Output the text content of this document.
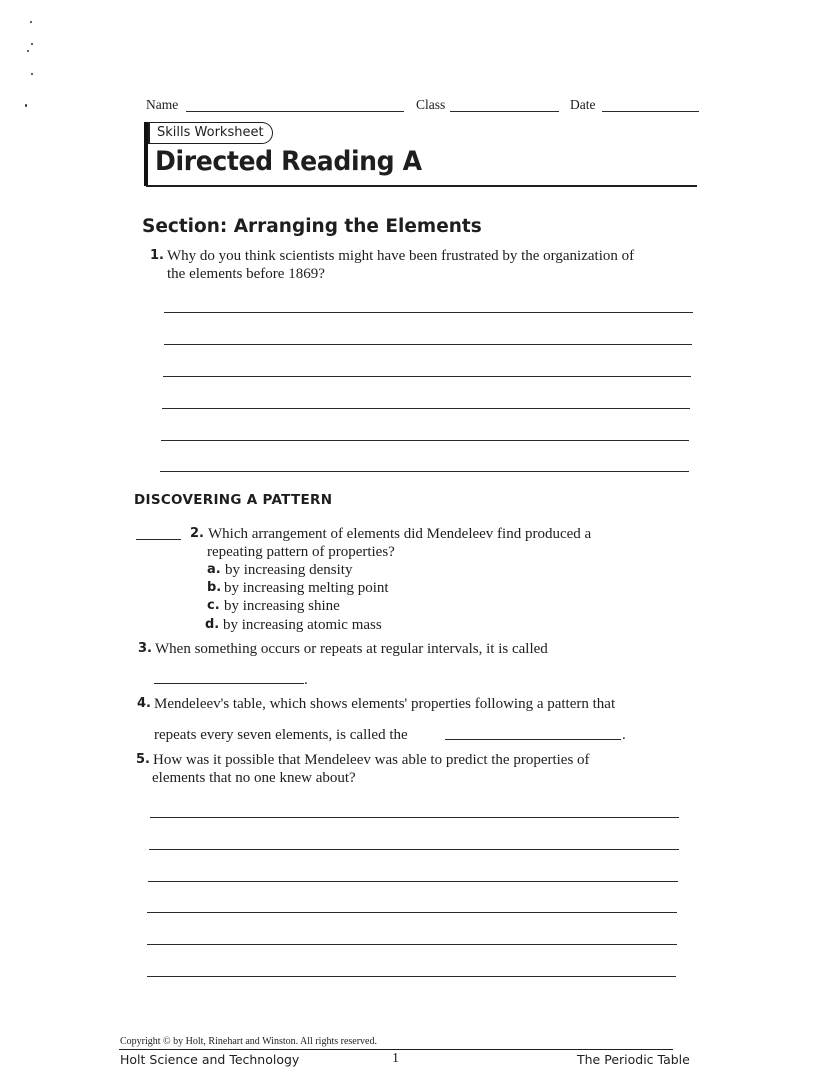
Name	Class	Date
Skills Worksheet
Directed Reading A
Section: Arranging the Elements
1. Why do you think scientists might have been frustrated by the organization of
the elements before 1869?
DISCOVERING A PATTERN
2. Which arrangement of elements did Mendeleev find produced a
repeating pattern of properties?
a. by increasing density
b. by increasing melting point
c. by increasing shine
d. by increasing atomic mass
3. When something occurs or repeats at regular intervals, it is called
.
4. Mendeleev's table, which shows elements' properties following a pattern that
repeats every seven elements, is called the	.
5. How was it possible that Mendeleev was able to predict the properties of
elements that no one knew about?
Copyright © by Holt, Rinehart and Winston. All rights reserved.
Holt Science and Technology	1	The Periodic Table
